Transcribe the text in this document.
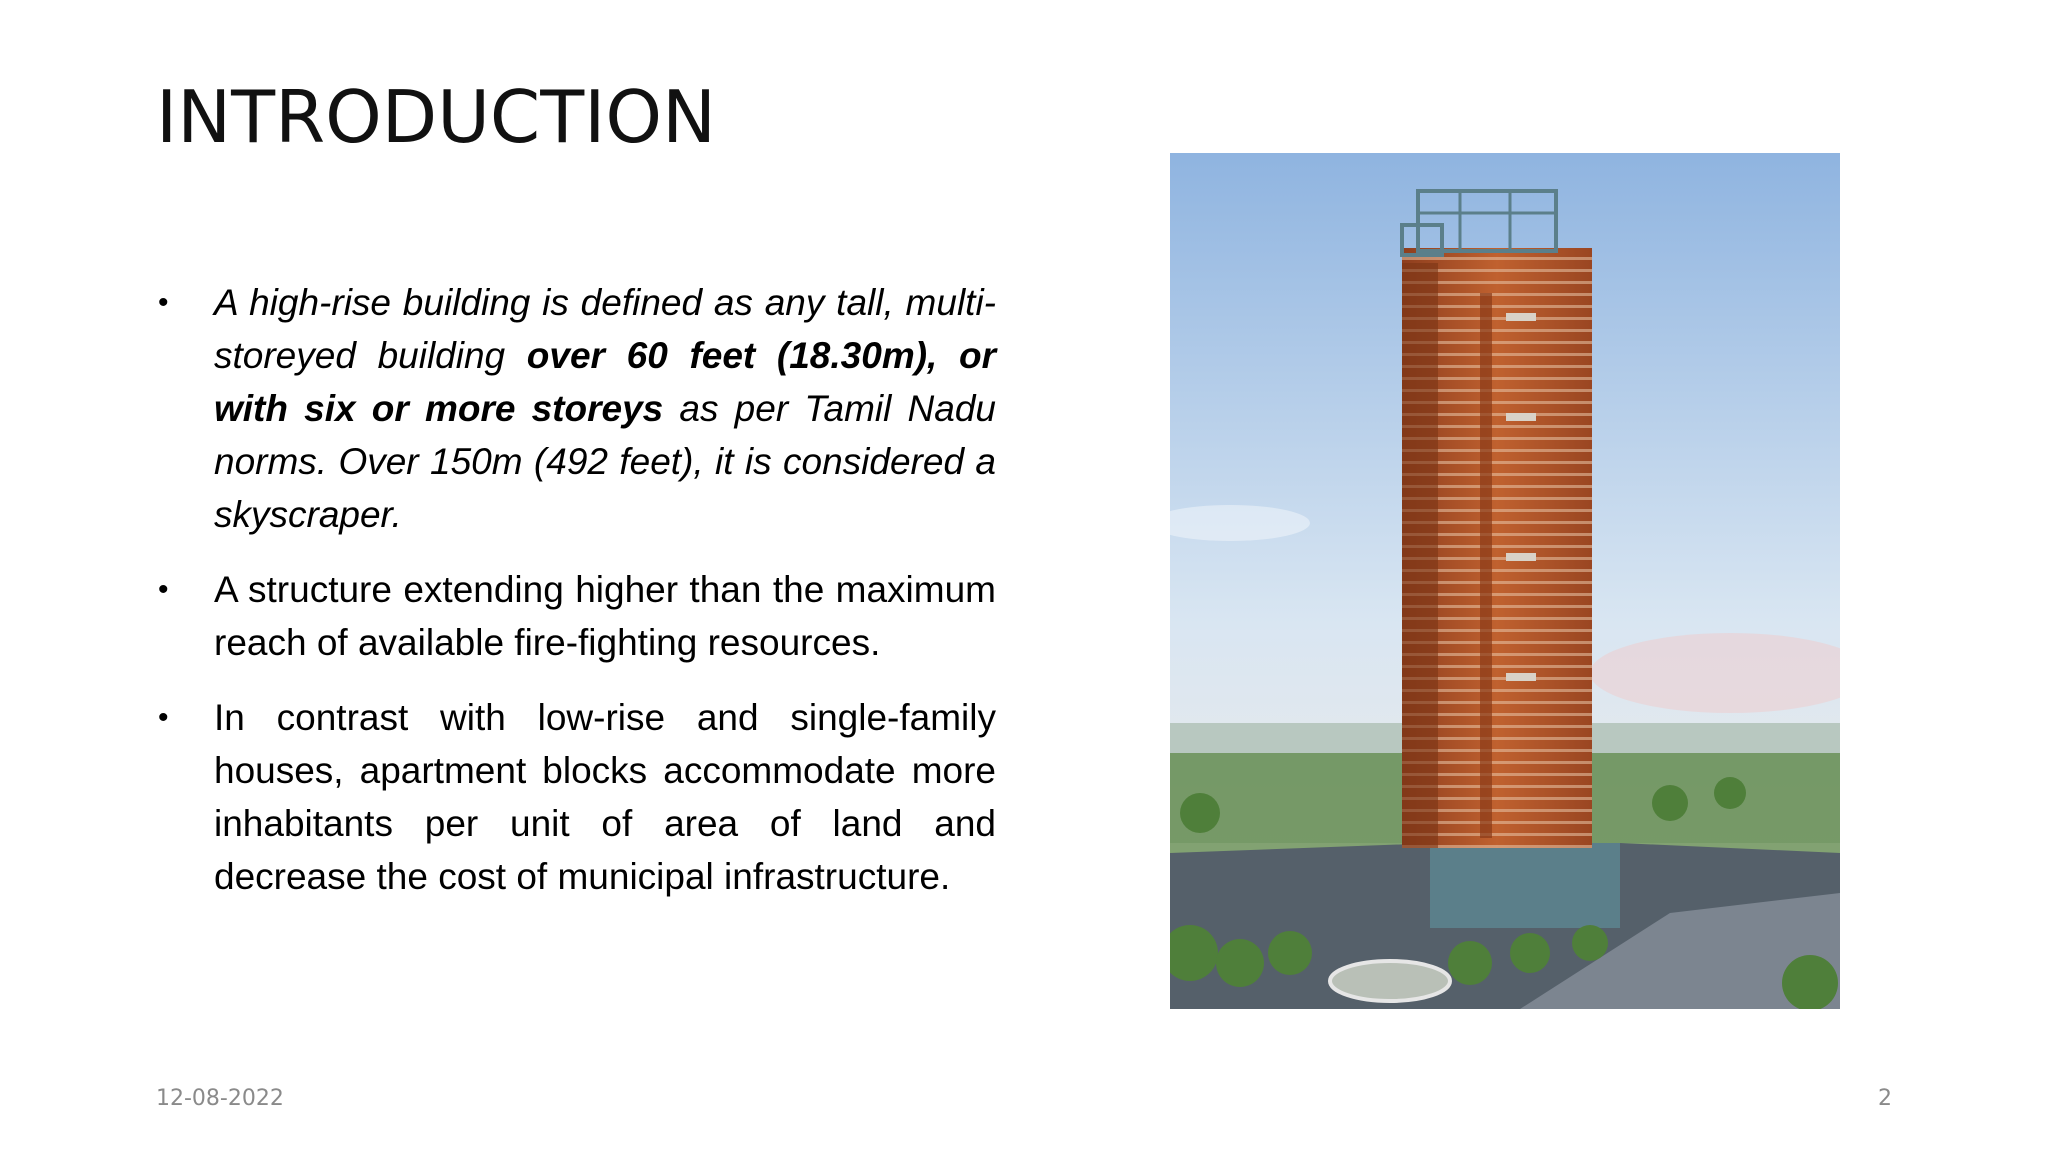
INTRODUCTION
• A high-rise building is defined as any tall, multi-storeyed building over 60 feet (18.30m), or with six or more storeys as per Tamil Nadu norms. Over 150m (492 feet), it is considered a skyscraper.
• A structure extending higher than the maximum reach of available fire-fighting resources.
• In contrast with low-rise and single-family houses, apartment blocks accommodate more inhabitants per unit of area of land and decrease the cost of municipal infrastructure.
12-08-2022	2
